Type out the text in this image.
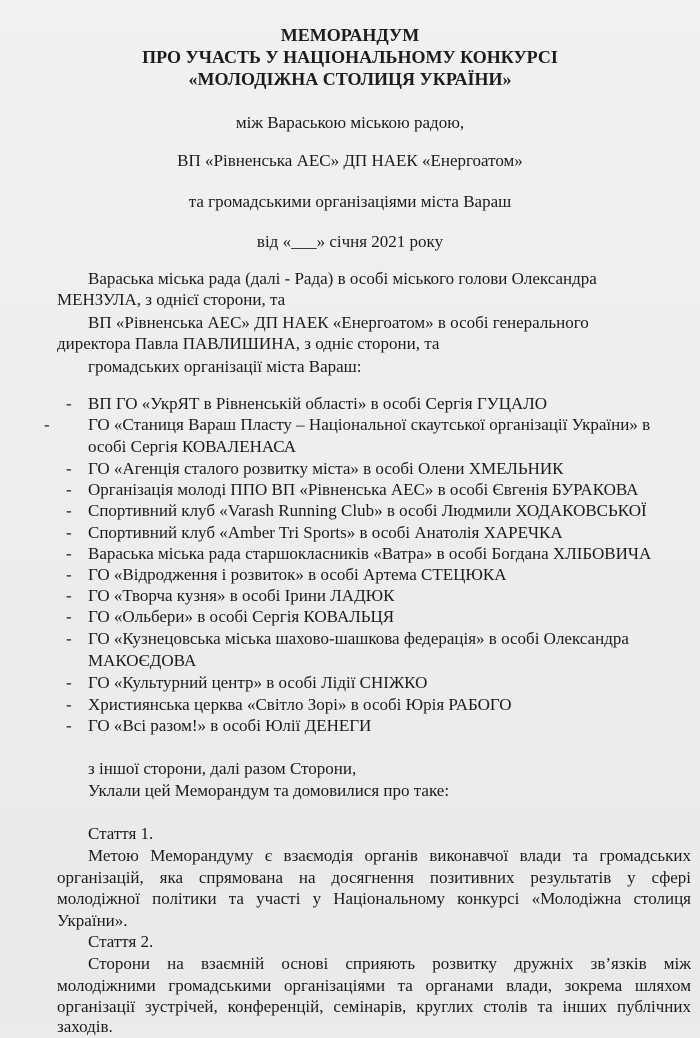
МЕМОРАНДУМ

ПРО УЧАСТЬ У НАЦІОНАЛЬНОМУ КОНКУРСІ

«МОЛОДІЖНА СТОЛИЦЯ УКРАЇНИ»

між Вараською міською радою,

ВП «Рівненська АЕС» ДП НАЕК «Енергоатом»

та громадськими організаціями міста Вараш

від «___» січня 2021 року

Вараська міська рада (далі - Рада) в особі міського голови Олександра

МЕНЗУЛА, з однієї сторони, та

ВП «Рівненська АЕС» ДП НАЕК «Енергоатом» в особі генерального

директора Павла ПАВЛИШИНА, з одніє сторони, та

громадських організації міста Вараш:

- ВП ГО «УкрЯТ в Рівненській області» в особі Сергія ГУЦАЛО
- ГО «Станиця Вараш Пласту – Національної скаутської організації України» в
особі Сергія КОВАЛЕНАСА
- ГО «Агенція сталого розвитку міста» в особі Олени ХМЕЛЬНИК
- Організація молоді ППО ВП «Рівненська АЕС» в особі Євгенія БУРАКОВА
- Спортивний клуб «Varash Running Club» в особі Людмили ХОДАКОВСЬКОЇ
- Спортивний клуб «Amber Tri Sports» в особі Анатолія ХАРЕЧКА
- Вараська міська рада старшокласників «Ватра» в особі Богдана ХЛІБОВИЧА
- ГО «Відродження і розвиток» в особі Артема СТЕЦЮКА
- ГО «Творча кузня» в особі Ірини ЛАДЮК
- ГО «Ольбери» в особі Сергія КОВАЛЬЦЯ
- ГО «Кузнецовська міська шахово-шашкова федерація» в особі Олександра
МАКОЄДОВА
- ГО «Культурний центр» в особі Лідії СНІЖКО
- Християнська церква «Світло Зорі» в особі Юрія РАБОГО
- ГО «Всі разом!» в особі Юлії ДЕНЕГИ

з іншої сторони, далі разом Сторони,

Уклали цей Меморандум та домовилися про таке:

Стаття 1.

Метою Меморандуму є взаємодія органів виконавчої влади та громадських

організацій, яка спрямована на досягнення позитивних результатів у сфері

молодіжної політики та участі у Національному конкурсі «Молодіжна столиця

України».

Стаття 2.

Сторони на взаємній основі сприяють розвитку дружніх зв’язків між

молодіжними громадськими організаціями та органами влади, зокрема шляхом

організації зустрічей, конференцій, семінарів, круглих столів та інших публічних

заходів.
